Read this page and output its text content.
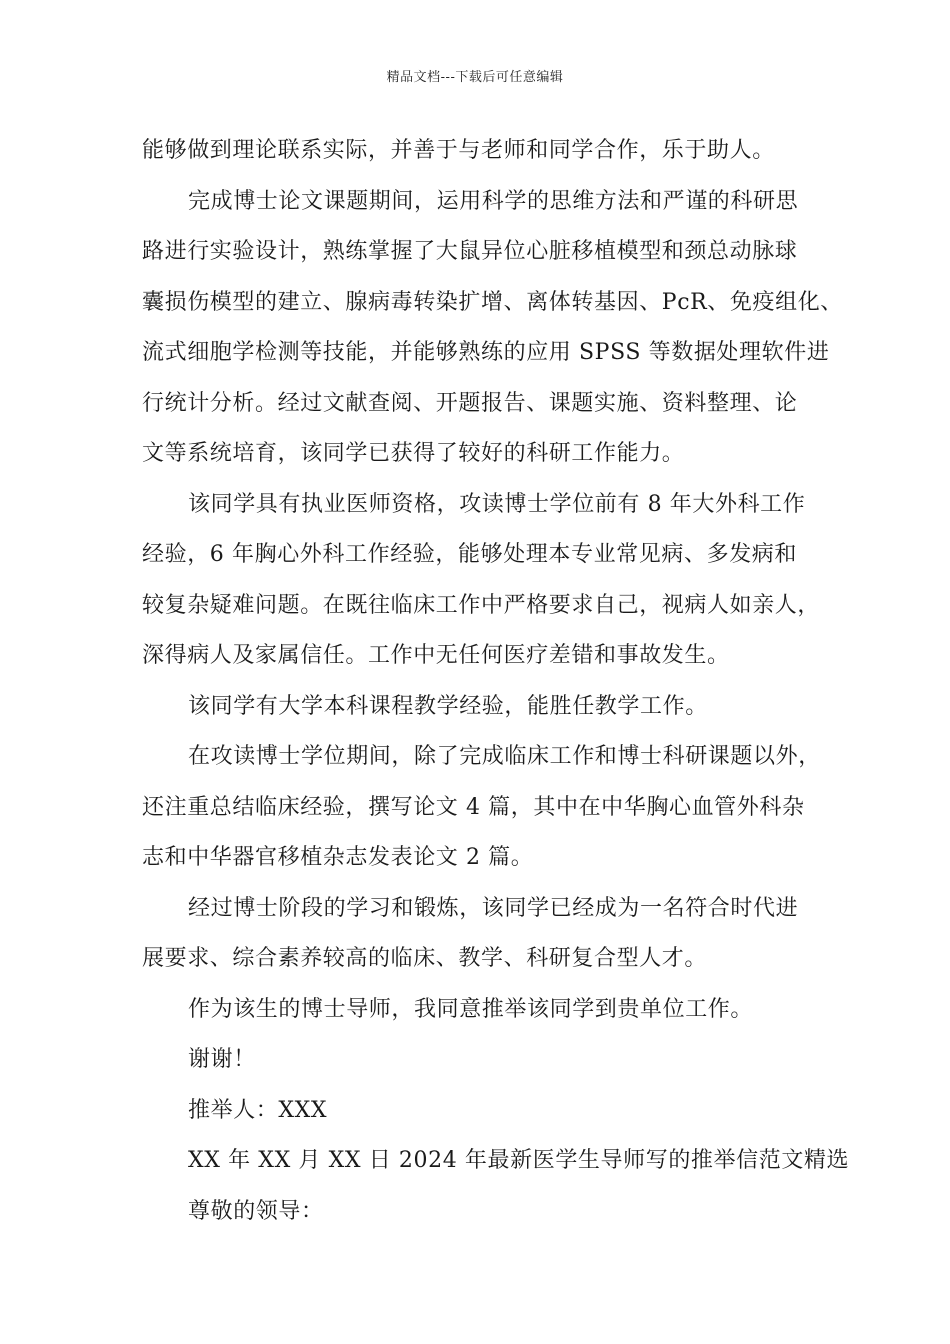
精品文档---下载后可任意编辑
能够做到理论联系实际，并善于与老师和同学合作，乐于助人。
完成博士论文课题期间，运用科学的思维方法和严谨的科研思
路进行实验设计，熟练掌握了大鼠异位心脏移植模型和颈总动脉球
囊损伤模型的建立、腺病毒转染扩增、离体转基因、PcR、免疫组化、
流式细胞学检测等技能，并能够熟练的应用 SPSS 等数据处理软件进
行统计分析。经过文献查阅、开题报告、课题实施、资料整理、论
文等系统培育，该同学已获得了较好的科研工作能力。
该同学具有执业医师资格，攻读博士学位前有 8 年大外科工作
经验，6 年胸心外科工作经验，能够处理本专业常见病、多发病和
较复杂疑难问题。在既往临床工作中严格要求自己，视病人如亲人，
深得病人及家属信任。工作中无任何医疗差错和事故发生。
该同学有大学本科课程教学经验，能胜任教学工作。
在攻读博士学位期间，除了完成临床工作和博士科研课题以外，
还注重总结临床经验，撰写论文 4 篇，其中在中华胸心血管外科杂
志和中华器官移植杂志发表论文 2 篇。
经过博士阶段的学习和锻炼，该同学已经成为一名符合时代进
展要求、综合素养较高的临床、教学、科研复合型人才。
作为该生的博士导师，我同意推举该同学到贵单位工作。
谢谢！
推举人：XXX
XX 年 XX 月 XX 日 2024 年最新医学生导师写的推举信范文精选
尊敬的领导：
